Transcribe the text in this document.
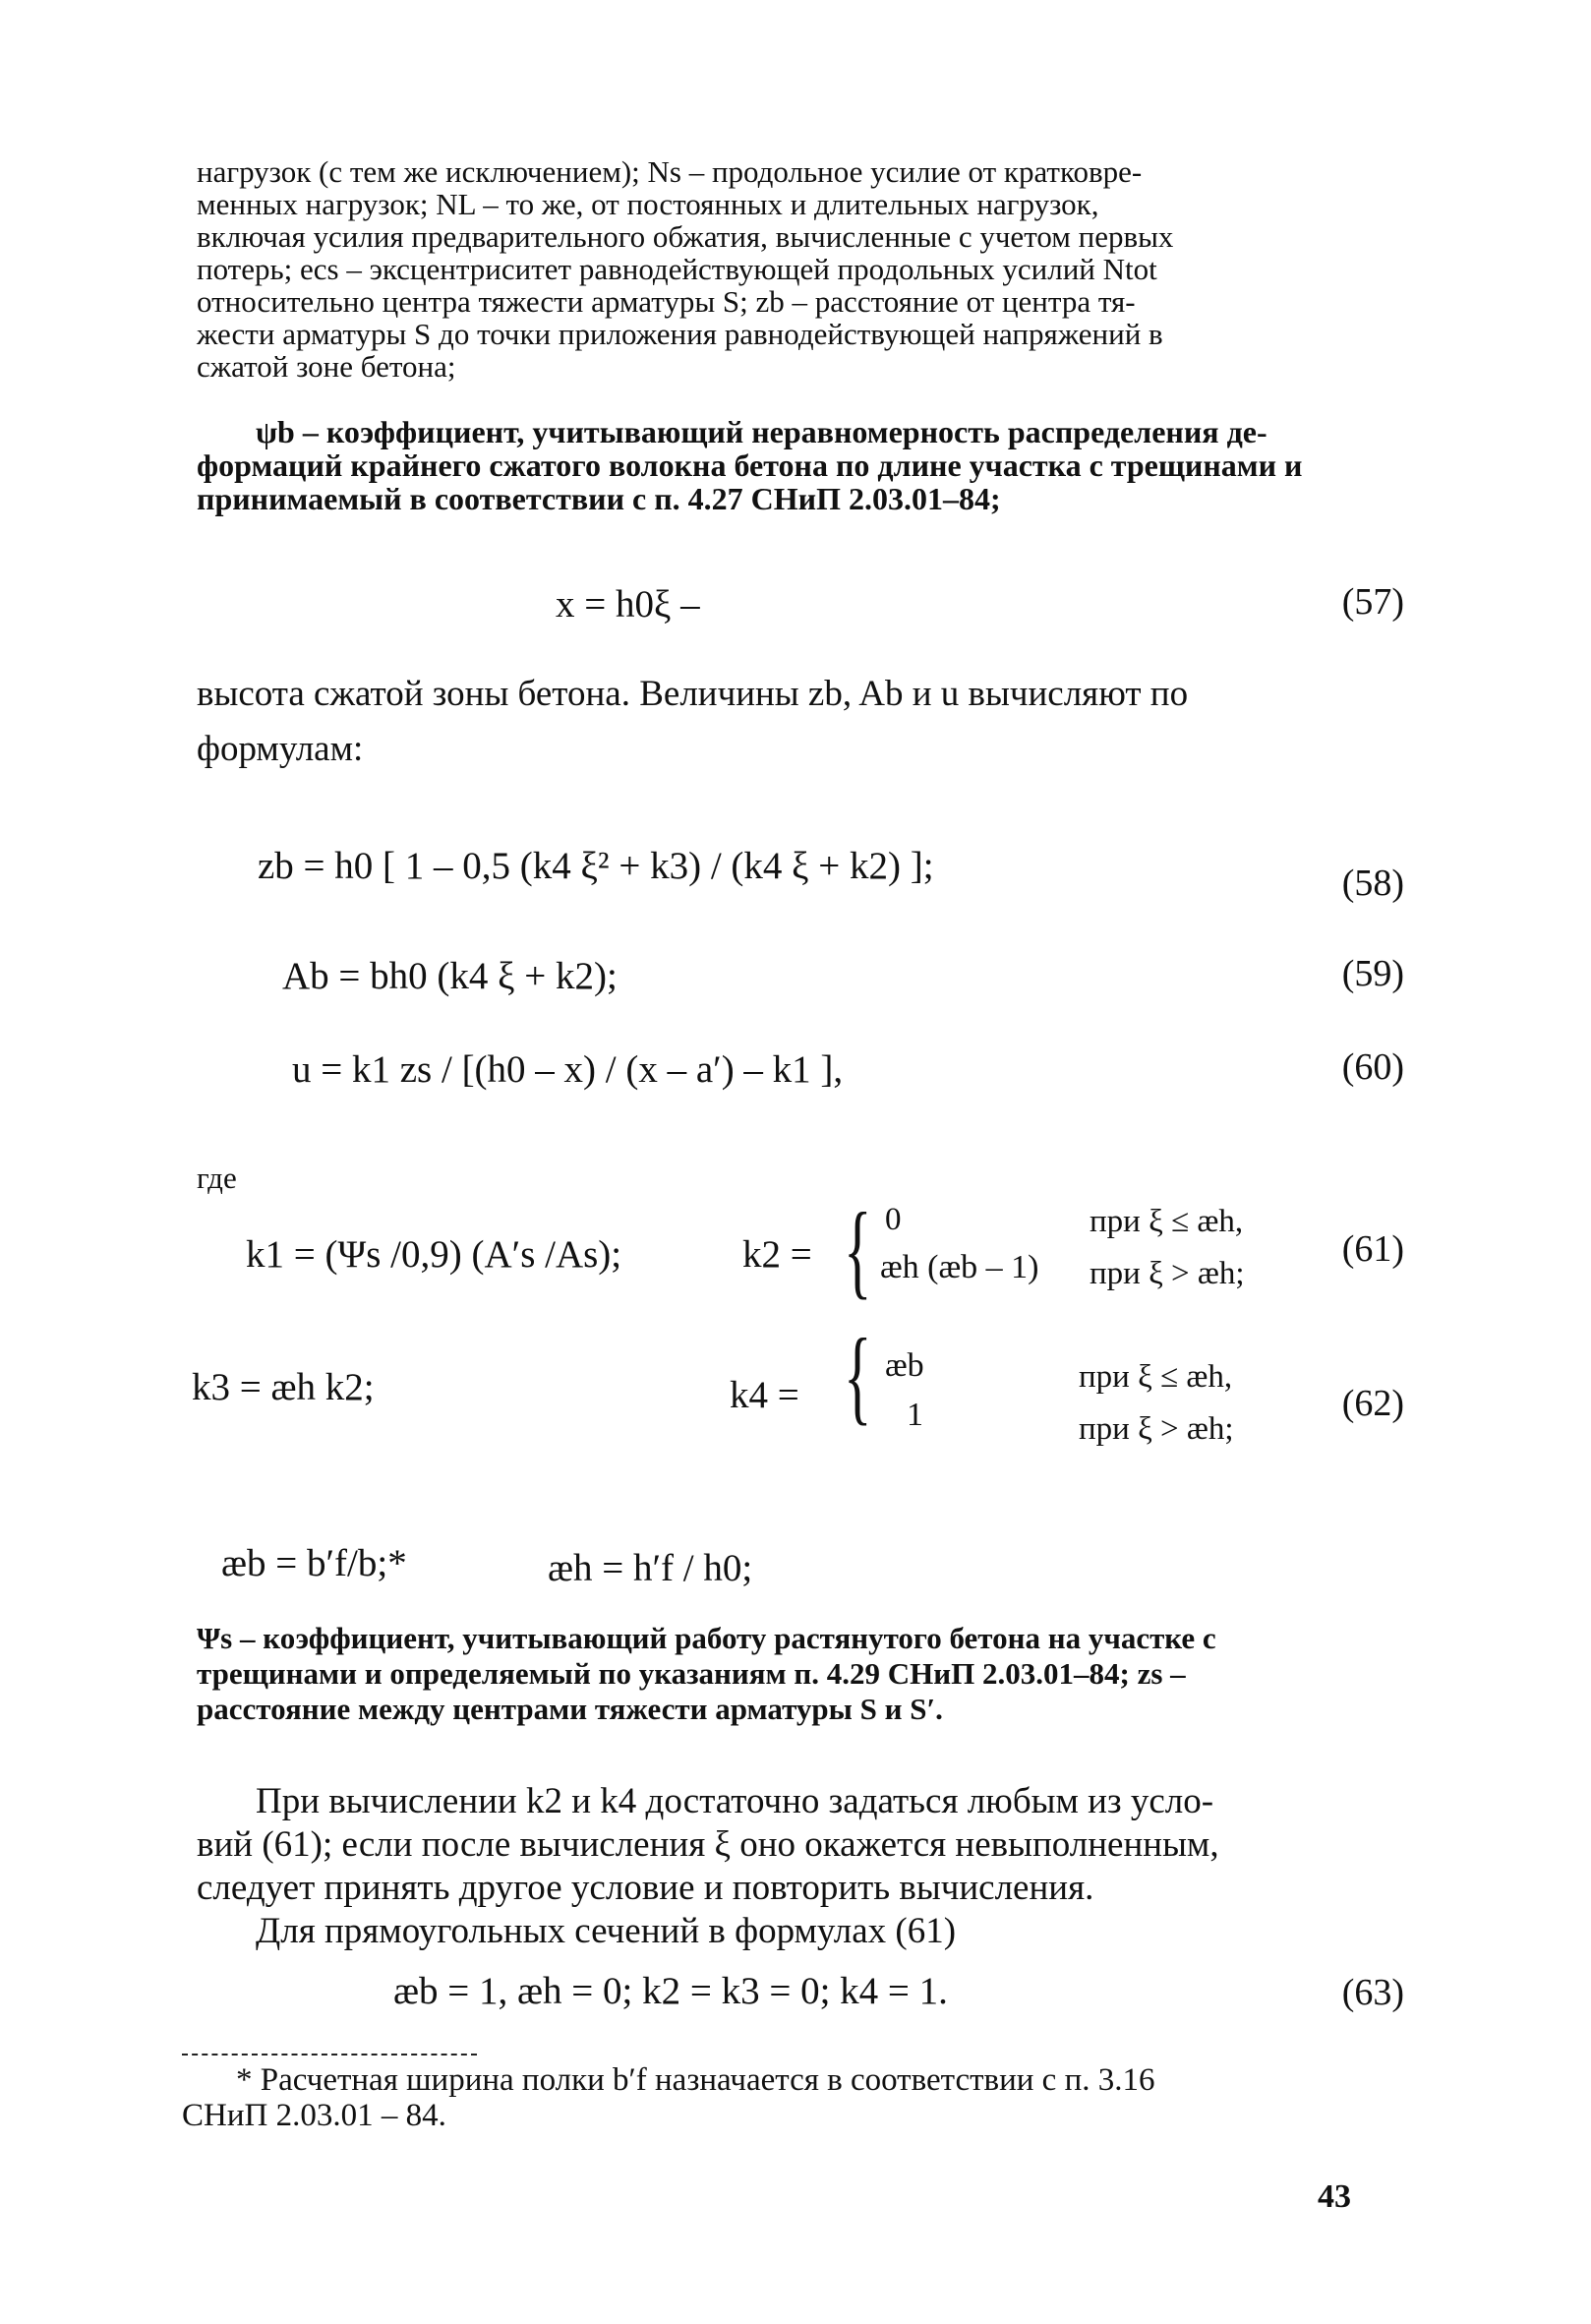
нагрузок (с тем же исключением); Ns – продольное усилие от кратковре-
менных нагрузок; NL – то же, от постоянных и длительных нагрузок,
включая усилия предварительного обжатия, вычисленные с учетом первых
потерь; ecs – эксцентриситет равнодействующей продольных усилий Ntot
относительно центра тяжести арматуры S; zb – расстояние от центра тя-
жести арматуры S до точки приложения равнодействующей напряжений в
сжатой зоне бетона;
ψb – коэффициент, учитывающий неравномерность распределения де-
формаций крайнего сжатого волокна бетона по длине участка с трещинами и
принимаемый в соответствии с п. 4.27 СНиП 2.03.01–84;
x = h0ξ –	(57)
высота сжатой зоны бетона. Величины zb, Ab и u вычисляют по
формулам:
zb = h0 [ 1 – 0,5 (k4 ξ² + k3) / (k4 ξ + k2) ];	(58)
Ab = bh0 (k4 ξ + k2);	(59)
u = k1 zs / [(h0 – x) / (x – a′) – k1 ],	(60)
где
k1 = (Ψs /0,9) (A′s /As);	k2 = { 0
æh (æb – 1)
при ξ ≤ æh,
при ξ > æh;
(61)
k3 = æh k2;	k4 = { æb
1
при ξ ≤ æh,
при ξ > æh;
(62)
æb = b′f/b;*	æh = h′f / h0;
Ψs – коэффициент, учитывающий работу растянутого бетона на участке с
трещинами и определяемый по указаниям п. 4.29 СНиП 2.03.01–84; zs –
расстояние между центрами тяжести арматуры S и S′.
При вычислении k2 и k4 достаточно задаться любым из усло-
вий (61); если после вычисления ξ оно окажется невыполненным,
следует принять другое условие и повторить вычисления.
Для прямоугольных сечений в формулах (61)
æb = 1, æh = 0; k2 = k3 = 0; k4 = 1.	(63)
* Расчетная ширина полки b′f назначается в соответствии с п. 3.16
СНиП 2.03.01 – 84.
43
